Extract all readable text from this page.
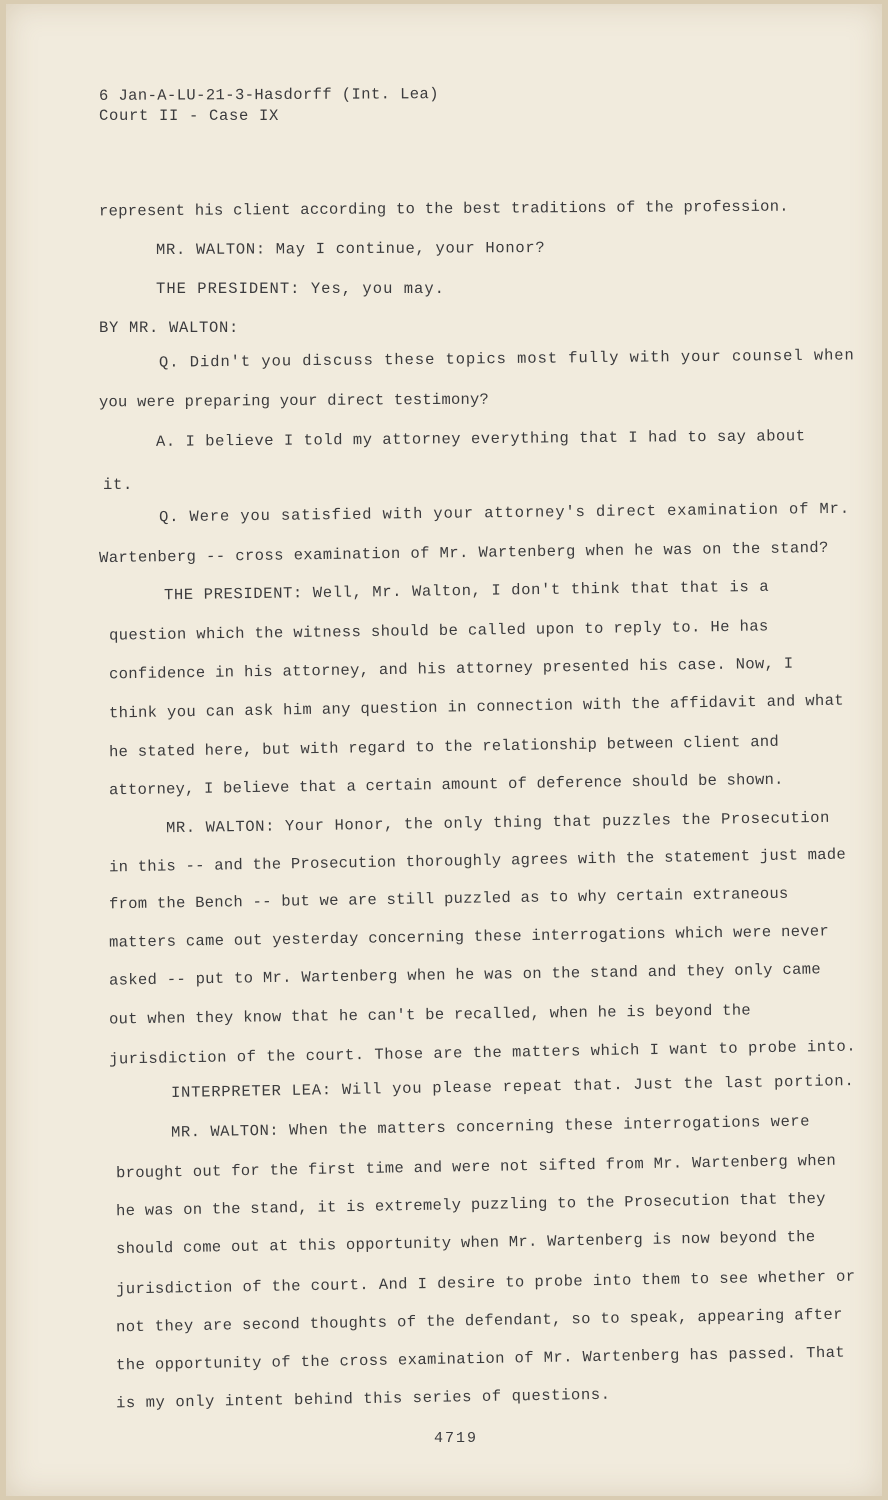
6 Jan-A-LU-21-3-Hasdorff (Int. Lea)
Court II - Case IX
represent his client according to the best traditions of the profession.
MR. WALTON: May I continue, your Honor?
THE PRESIDENT: Yes, you may.
BY MR. WALTON:
Q. Didn't you discuss these topics most fully with your counsel when
you were preparing your direct testimony?
A. I believe I told my attorney everything that I had to say about
it.
Q. Were you satisfied with your attorney's direct examination of Mr.
Wartenberg -- cross examination of Mr. Wartenberg when he was on the stand?
THE PRESIDENT: Well, Mr. Walton, I don't think that that is a
question which the witness should be called upon to reply to. He has
confidence in his attorney, and his attorney presented his case. Now, I
think you can ask him any question in connection with the affidavit and what
he stated here, but with regard to the relationship between client and
attorney, I believe that a certain amount of deference should be shown.
MR. WALTON: Your Honor, the only thing that puzzles the Prosecution
in this -- and the Prosecution thoroughly agrees with the statement just made
from the Bench -- but we are still puzzled as to why certain extraneous
matters came out yesterday concerning these interrogations which were never
asked -- put to Mr. Wartenberg when he was on the stand and they only came
out when they know that he can't be recalled, when he is beyond the
jurisdiction of the court. Those are the matters which I want to probe into.
INTERPRETER LEA: Will you please repeat that. Just the last portion.
MR. WALTON: When the matters concerning these interrogations were
brought out for the first time and were not sifted from Mr. Wartenberg when
he was on the stand, it is extremely puzzling to the Prosecution that they
should come out at this opportunity when Mr. Wartenberg is now beyond the
jurisdiction of the court. And I desire to probe into them to see whether or
not they are second thoughts of the defendant, so to speak, appearing after
the opportunity of the cross examination of Mr. Wartenberg has passed. That
is my only intent behind this series of questions.
4719
